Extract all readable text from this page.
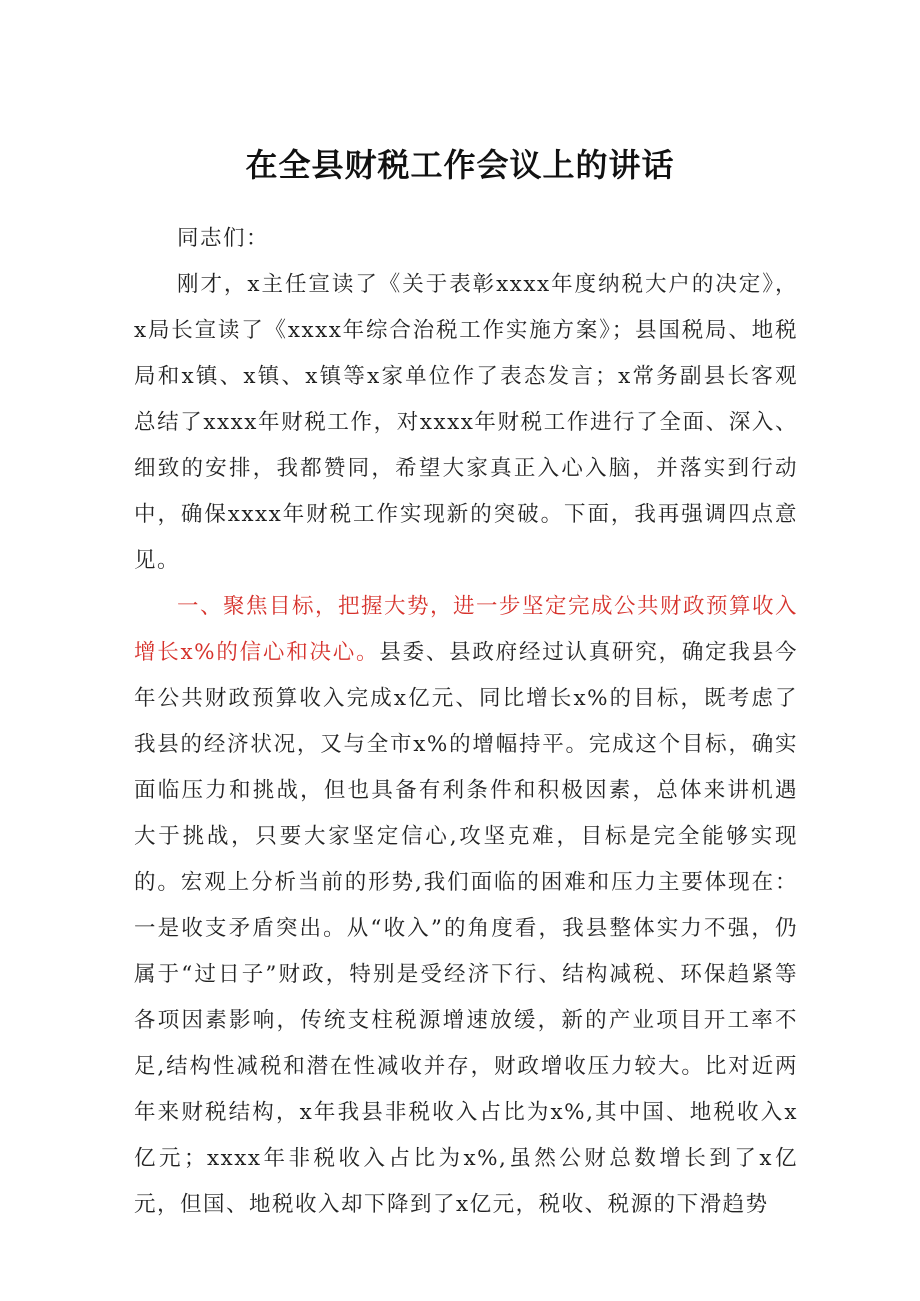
在全县财税工作会议上的讲话

同志们：

刚才，x主任宣读了《关于表彰xxxx年度纳税大户的决定》，x局长宣读了《xxxx年综合治税工作实施方案》；县国税局、地税局和x镇、x镇、x镇等x家单位作了表态发言；x常务副县长客观总结了xxxx年财税工作，对xxxx年财税工作进行了全面、深入、细致的安排，我都赞同，希望大家真正入心入脑，并落实到行动中，确保xxxx年财税工作实现新的突破。下面，我再强调四点意见。

一、聚焦目标，把握大势，进一步坚定完成公共财政预算收入增长x%的信心和决心。县委、县政府经过认真研究，确定我县今年公共财政预算收入完成x亿元、同比增长x%的目标，既考虑了我县的经济状况，又与全市x%的增幅持平。完成这个目标，确实面临压力和挑战，但也具备有利条件和积极因素，总体来讲机遇大于挑战，只要大家坚定信心,攻坚克难，目标是完全能够实现的。宏观上分析当前的形势,我们面临的困难和压力主要体现在：一是收支矛盾突出。从“收入”的角度看，我县整体实力不强，仍属于“过日子”财政，特别是受经济下行、结构减税、环保趋紧等各项因素影响，传统支柱税源增速放缓，新的产业项目开工率不足,结构性减税和潜在性减收并存，财政增收压力较大。比对近两年来财税结构，x年我县非税收入占比为x%,其中国、地税收入x亿元；xxxx年非税收入占比为x%,虽然公财总数增长到了x亿元，但国、地税收入却下降到了x亿元，税收、税源的下滑趋势
